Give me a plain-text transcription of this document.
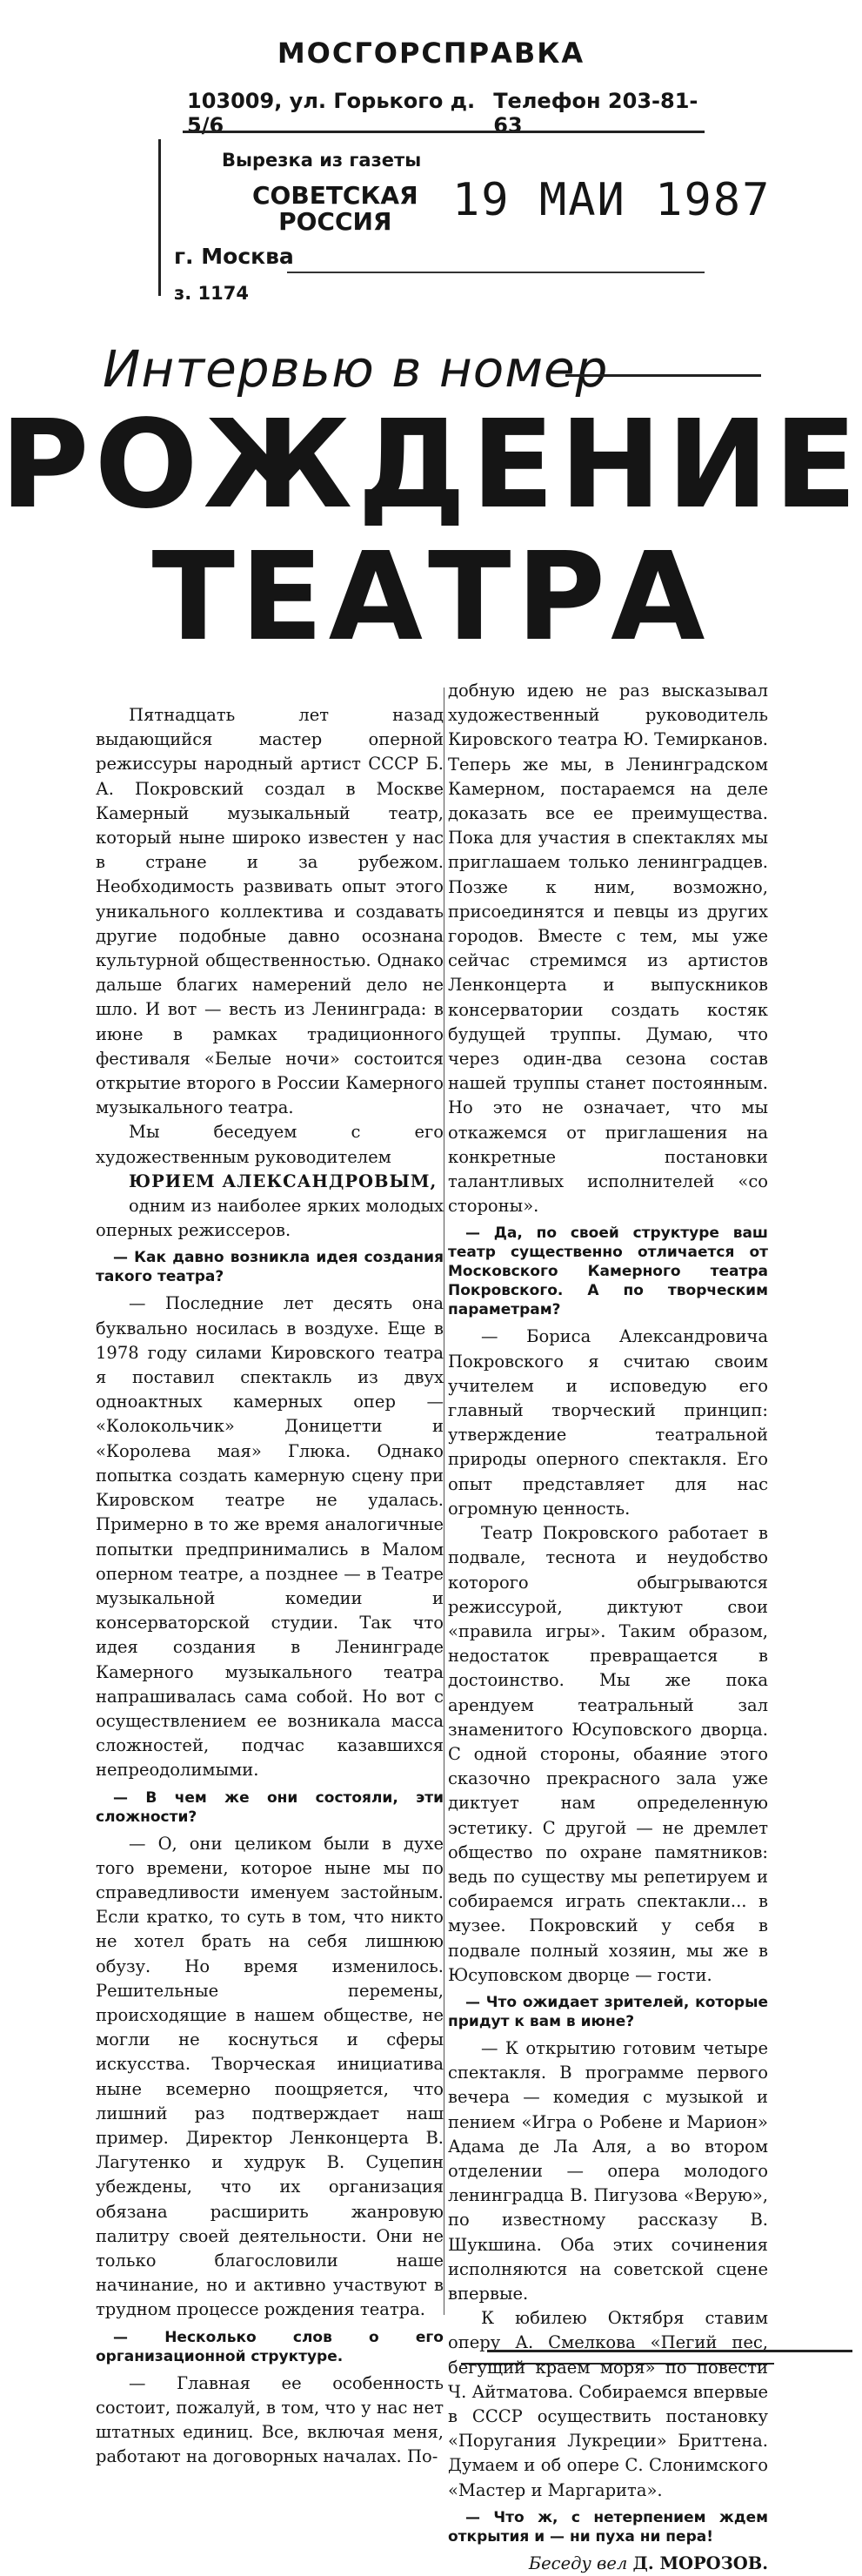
МОСГОРСПРАВКА
103009, ул. Горького д. 5/6
Телефон 203-81-63
Вырезка из газеты
СОВЕТСКАЯ
РОССИЯ	19 МАИ 1987
г. Москва
з. 1174
Интервью в номер
РОЖДЕНИЕ
ТЕАТРА

Пятнадцать лет назад выдающийся мастер оперной режиссуры народный артист СССР Б. А. Покровский создал в Москве Камерный музыкальный театр, который ныне широко известен у нас в стране и за рубежом. Необходимость развивать опыт этого уникального коллектива и создавать другие подобные давно осознана культурной общественностью. Однако дальше благих намерений дело не шло. И вот — весть из Ленинграда: в июне в рамках традиционного фестиваля «Белые ночи» состоится открытие второго в России Камерного музыкального театра.

Мы беседуем с его художественным руководителем

ЮРИЕМ АЛЕКСАНДРОВЫМ,

одним из наиболее ярких молодых оперных режиссеров.

— Как давно возникла идея создания такого театра?

— Последние лет десять она буквально носилась в воздухе. Еще в 1978 году силами Кировского театра я поставил спектакль из двух одноактных камерных опер — «Колокольчик» Доницетти и «Королева мая» Глюка. Однако попытка создать камерную сцену при Кировском театре не удалась. Примерно в то же время аналогичные попытки предпринимались в Малом оперном театре, а позднее — в Театре музыкальной комедии и консерваторской студии. Так что идея создания в Ленинграде Камерного музыкального театра напрашивалась сама собой. Но вот с осуществлением ее возникала масса сложностей, подчас казавшихся непреодолимыми.

— В чем же они состояли, эти сложности?

— О, они целиком были в духе того времени, которое ныне мы по справедливости именуем застойным. Если кратко, то суть в том, что никто не хотел брать на себя лишнюю обузу. Но время изменилось. Решительные перемены, происходящие в нашем обществе, не могли не коснуться и сферы искусства. Творческая инициатива ныне всемерно поощряется, что лишний раз подтверждает наш пример. Директор Ленконцерта В. Лагутенко и худрук В. Суцепин убеждены, что их организация обязана расширить жанровую палитру своей деятельности. Они не только благословили наше начинание, но и активно участвуют в трудном процессе рождения театра.

— Несколько слов о его организационной структуре.

— Главная ее особенность состоит, пожалуй, в том, что у нас нет штатных единиц. Все, включая меня, работают на договорных началах. По-

добную идею не раз высказывал художественный руководитель Кировского театра Ю. Темирканов. Теперь же мы, в Ленинградском Камерном, постараемся на деле доказать все ее преимущества. Пока для участия в спектаклях мы приглашаем только ленинградцев. Позже к ним, возможно, присоединятся и певцы из других городов. Вместе с тем, мы уже сейчас стремимся из артистов Ленконцерта и выпускников консерватории создать костяк будущей труппы. Думаю, что через один-два сезона состав нашей труппы станет постоянным. Но это не означает, что мы откажемся от приглашения на конкретные постановки талантливых исполнителей «со стороны».

— Да, по своей структуре ваш театр существенно отличается от Московского Камерного театра Покровского. А по творческим параметрам?

— Бориса Александровича Покровского я считаю своим учителем и исповедую его главный творческий принцип: утверждение театральной природы оперного спектакля. Его опыт представляет для нас огромную ценность.

Театр Покровского работает в подвале, теснота и неудобство которого обыгрываются режиссурой, диктуют свои «правила игры». Таким образом, недостаток превращается в достоинство. Мы же пока арендуем театральный зал знаменитого Юсуповского дворца. С одной стороны, обаяние этого сказочно прекрасного зала уже диктует нам определенную эстетику. С другой — не дремлет общество по охране памятников: ведь по существу мы репетируем и собираемся играть спектакли... в музее. Покровский у себя в подвале полный хозяин, мы же в Юсуповском дворце — гости.

— Что ожидает зрителей, которые придут к вам в июне?

— К открытию готовим четыре спектакля. В программе первого вечера — комедия с музыкой и пением «Игра о Робене и Марион» Адама де Ла Аля, а во втором отделении — опера молодого ленинградца В. Пигузова «Верую», по известному рассказу В. Шукшина. Оба этих сочинения исполняются на советской сцене впервые.

К юбилею Октября ставим оперу А. Смелкова «Пегий пес, бегущий краем моря» по повести Ч. Айтматова. Собираемся впервые в СССР осуществить постановку «Поругания Лукреции» Бриттена. Думаем и об опере С. Слонимского «Мастер и Маргарита».

— Что ж, с нетерпением ждем открытия и — ни пуха ни пера!

Беседу вел Д. МОРОЗОВ.
